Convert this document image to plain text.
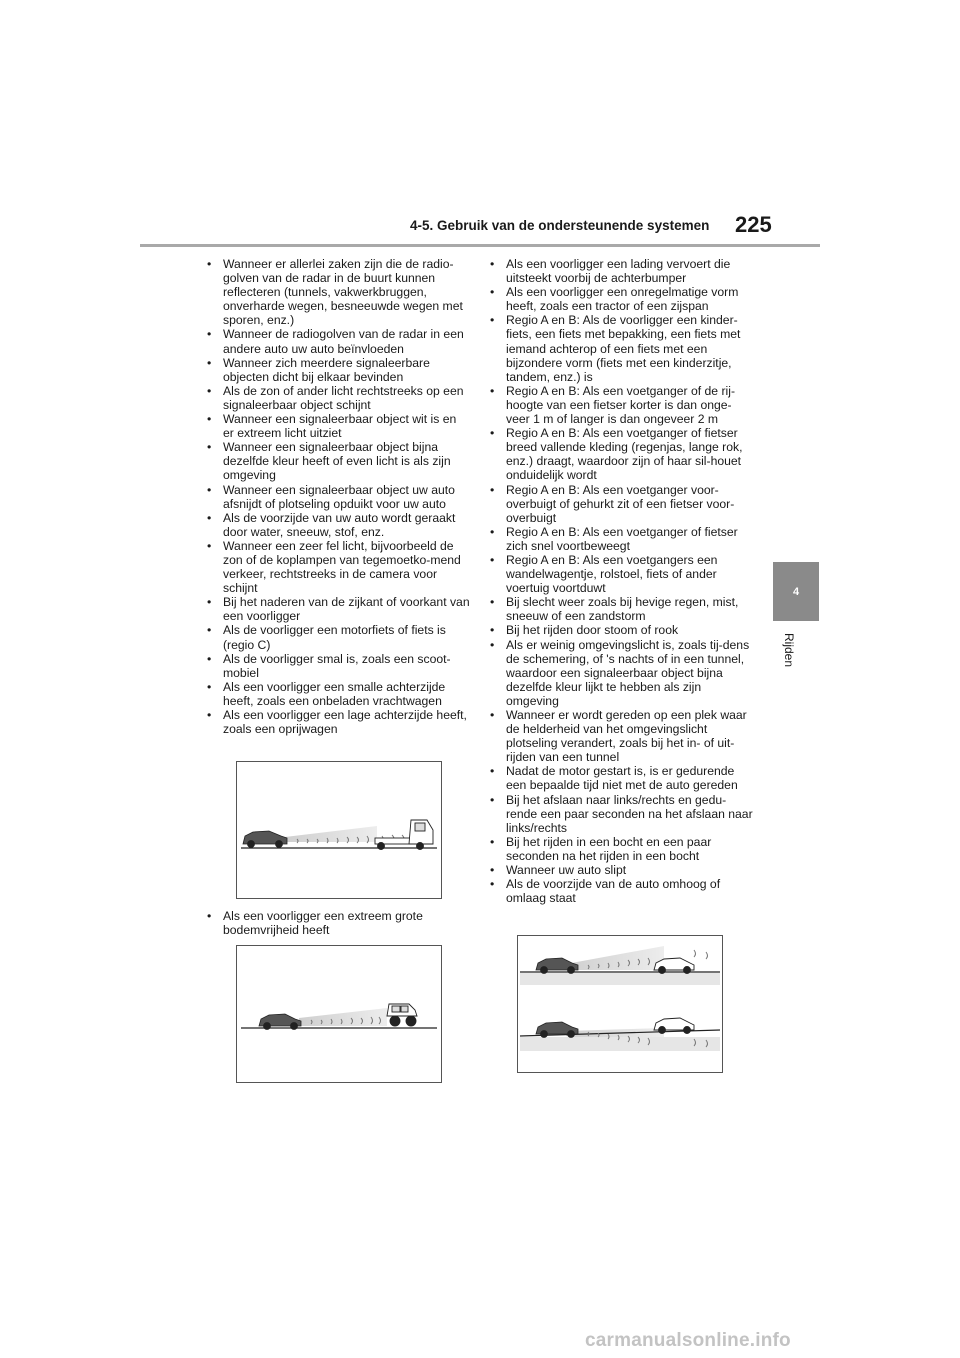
4-5. Gebruik van de ondersteunende systemen 225
4
Rijden
• Wanneer er allerlei zaken zijn die de radio-golven van de radar in de buurt kunnen reflecteren (tunnels, vakwerkbruggen, onverharde wegen, besneeuwde wegen met sporen, enz.)
• Wanneer de radiogolven van de radar in een andere auto uw auto beïnvloeden
• Wanneer zich meerdere signaleerbare objecten dicht bij elkaar bevinden
• Als de zon of ander licht rechtstreeks op een signaleerbaar object schijnt
• Wanneer een signaleerbaar object wit is en er extreem licht uitziet
• Wanneer een signaleerbaar object bijna dezelfde kleur heeft of even licht is als zijn omgeving
• Wanneer een signaleerbaar object uw auto afsnijdt of plotseling opduikt voor uw auto
• Als de voorzijde van uw auto wordt geraakt door water, sneeuw, stof, enz.
• Wanneer een zeer fel licht, bijvoorbeeld de zon of de koplampen van tegemoetko-mend verkeer, rechtstreeks in de camera voor schijnt
• Bij het naderen van de zijkant of voorkant van een voorligger
• Als de voorligger een motorfiets of fiets is (regio C)
• Als de voorligger smal is, zoals een scoot-mobiel
• Als een voorligger een smalle achterzijde heeft, zoals een onbeladen vrachtwagen
• Als een voorligger een lage achterzijde heeft, zoals een oprijwagen
• Als een voorligger een extreem grote bodemvrijheid heeft
• Als een voorligger een lading vervoert die uitsteekt voorbij de achterbumper
• Als een voorligger een onregelmatige vorm heeft, zoals een tractor of een zijspan
• Regio A en B: Als de voorligger een kinder-fiets, een fiets met bepakking, een fiets met iemand achterop of een fiets met een bijzondere vorm (fiets met een kinderzitje, tandem, enz.) is
• Regio A en B: Als een voetganger of de rij-hoogte van een fietser korter is dan onge-veer 1 m of langer is dan ongeveer 2 m
• Regio A en B: Als een voetganger of fietser breed vallende kleding (regenjas, lange rok, enz.) draagt, waardoor zijn of haar sil-houet onduidelijk wordt
• Regio A en B: Als een voetganger voor-overbuigt of gehurkt zit of een fietser voor-overbuigt
• Regio A en B: Als een voetganger of fietser zich snel voortbeweegt
• Regio A en B: Als een voetgangers een wandelwagentje, rolstoel, fiets of ander voertuig voortduwt
• Bij slecht weer zoals bij hevige regen, mist, sneeuw of een zandstorm
• Bij het rijden door stoom of rook
• Als er weinig omgevingslicht is, zoals tij-dens de schemering, of 's nachts of in een tunnel, waardoor een signaleerbaar object bijna dezelfde kleur lijkt te hebben als zijn omgeving
• Wanneer er wordt gereden op een plek waar de helderheid van het omgevingslicht plotseling verandert, zoals bij het in- of uit-rijden van een tunnel
• Nadat de motor gestart is, is er gedurende een bepaalde tijd niet met de auto gereden
• Bij het afslaan naar links/rechts en gedu-rende een paar seconden na het afslaan naar links/rechts
• Bij het rijden in een bocht en een paar seconden na het rijden in een bocht
• Wanneer uw auto slipt
• Als de voorzijde van de auto omhoog of omlaag staat
carmanualsonline.info
